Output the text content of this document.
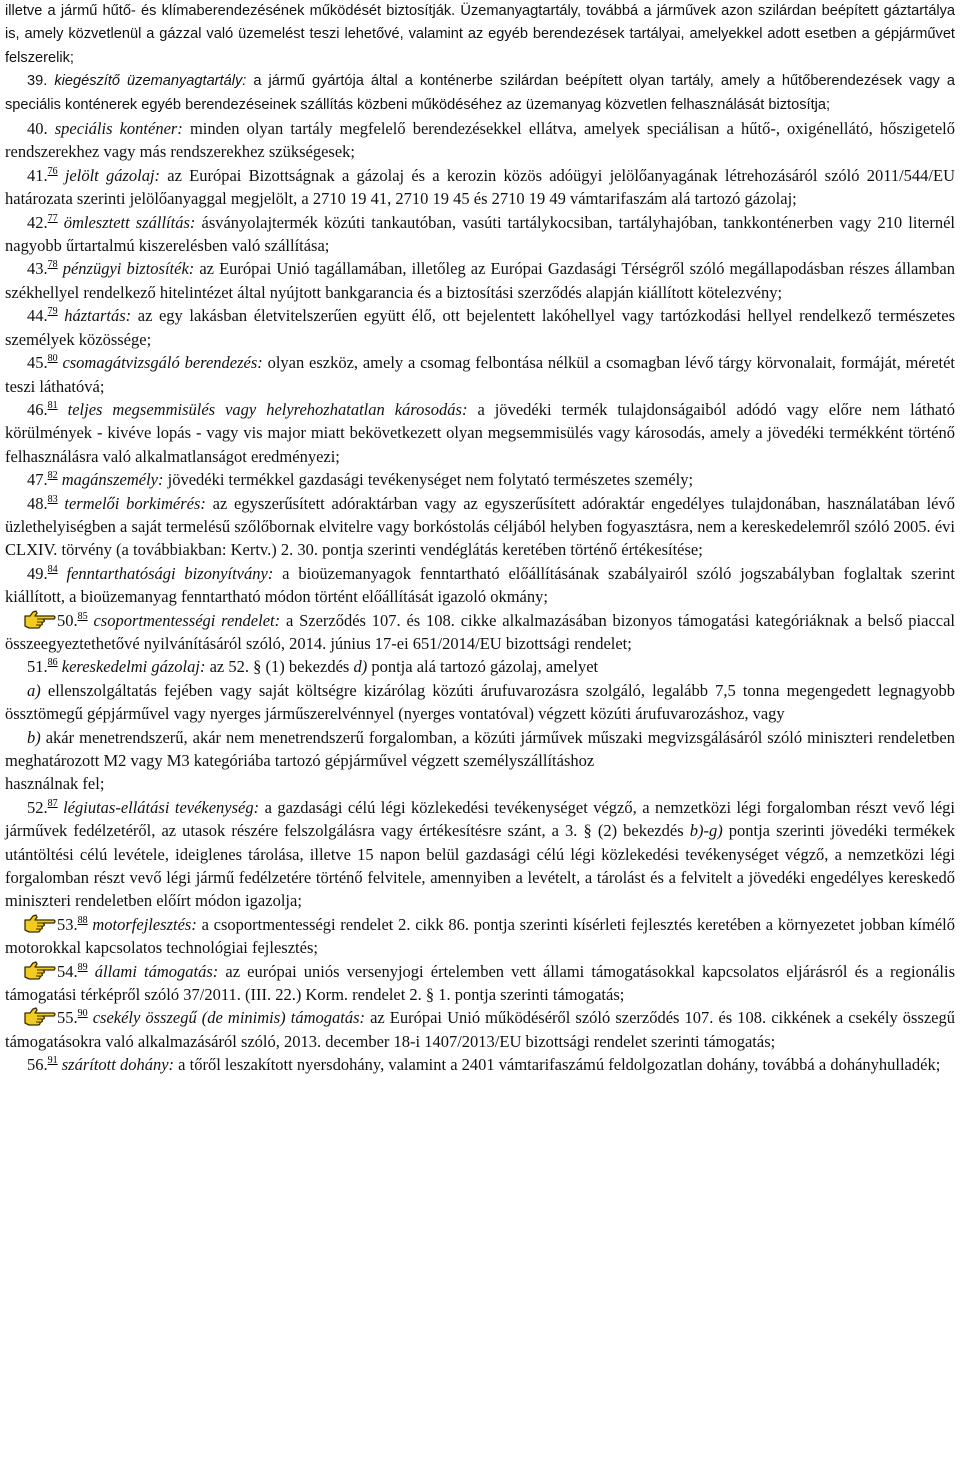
illetve a jármű hűtő- és klímaberendezésének működését biztosítják. Üzemanyagtartály, továbbá a járművek azon szilárdan beépített gáztartálya is, amely közvetlenül a gázzal való üzemelést teszi lehetővé, valamint az egyéb berendezések tartályai, amelyekkel adott esetben a gépjárművet felszerelik;

39. kiegészítő üzemanyagtartály: a jármű gyártója által a konténerbe szilárdan beépített olyan tartály, amely a hűtőberendezések vagy a speciális konténerek egyéb berendezéseinek szállítás közbeni működéséhez az üzemanyag közvetlen felhasználását biztosítja;

40. speciális konténer: minden olyan tartály megfelelő berendezésekkel ellátva, amelyek speciálisan a hűtő-, oxigénellátó, hőszigetelő rendszerekhez vagy más rendszerekhez szükségesek;

41.76 jelölt gázolaj: az Európai Bizottságnak a gázolaj és a kerozin közös adóügyi jelölőanyagának létrehozásáról szóló 2011/544/EU határozata szerinti jelölőanyaggal megjelölt, a 2710 19 41, 2710 19 45 és 2710 19 49 vámtarifaszám alá tartozó gázolaj;

42.77 ömlesztett szállítás: ásványolajtermék közúti tankautóban, vasúti tartálykocsiban, tartályhajóban, tankkonténerben vagy 210 liternél nagyobb űrtartalmú kiszerelésben való szállítása;

43.78 pénzügyi biztosíték: az Európai Unió tagállamában, illetőleg az Európai Gazdasági Térségről szóló megállapodásban részes államban székhellyel rendelkező hitelintézet által nyújtott bankgarancia és a biztosítási szerződés alapján kiállított kötelezvény;

44.79 háztartás: az egy lakásban életvitelszerűen együtt élő, ott bejelentett lakóhellyel vagy tartózkodási hellyel rendelkező természetes személyek közössége;

45.80 csomagátvizsgáló berendezés: olyan eszköz, amely a csomag felbontása nélkül a csomagban lévő tárgy körvonalait, formáját, méretét teszi láthatóvá;

46.81 teljes megsemmisülés vagy helyrehozhatatlan károsodás: a jövedéki termék tulajdonságaiból adódó vagy előre nem látható körülmények - kivéve lopás - vagy vis major miatt bekövetkezett olyan megsemmisülés vagy károsodás, amely a jövedéki termékként történő felhasználásra való alkalmatlanságot eredményezi;

47.82 magánszemély: jövedéki termékkel gazdasági tevékenységet nem folytató természetes személy;

48.83 termelői borkimérés: az egyszerűsített adóraktárban vagy az egyszerűsített adóraktár engedélyes tulajdonában, használatában lévő üzlethelyiségben a saját termelésű szőlőbornak elvitelre vagy borkóstolás céljából helyben fogyasztásra, nem a kereskedelemről szóló 2005. évi CLXIV. törvény (a továbbiakban: Kertv.) 2. 30. pontja szerinti vendéglátás keretében történő értékesítése;

49.84 fenntarthatósági bizonyítvány: a bioüzemanyagok fenntartható előállításának szabályairól szóló jogszabályban foglaltak szerint kiállított, a bioüzemanyag fenntartható módon történt előállítását igazoló okmány;

50.85 csoportmentességi rendelet: a Szerződés 107. és 108. cikke alkalmazásában bizonyos támogatási kategóriáknak a belső piaccal összeegyeztethetővé nyilvánításáról szóló, 2014. június 17-ei 651/2014/EU bizottsági rendelet;

51.86 kereskedelmi gázolaj: az 52. § (1) bekezdés d) pontja alá tartozó gázolaj, amelyet

a) ellenszolgáltatás fejében vagy saját költségre kizárólag közúti árufuvarozásra szolgáló, legalább 7,5 tonna megengedett legnagyobb össztömegű gépjárművel vagy nyerges járműszerelvénnyel (nyerges vontatóval) végzett közúti árufuvarozáshoz, vagy

b) akár menetrendszerű, akár nem menetrendszerű forgalomban, a közúti járművek műszaki megvizsgálásáról szóló miniszteri rendeletben meghatározott M2 vagy M3 kategóriába tartozó gépjárművel végzett személyszállításhoz

használnak fel;

52.87 légiutas-ellátási tevékenység: a gazdasági célú légi közlekedési tevékenységet végző, a nemzetközi légi forgalomban részt vevő légi járművek fedélzetéről, az utasok részére felszolgálásra vagy értékesítésre szánt, a 3. § (2) bekezdés b)-g) pontja szerinti jövedéki termékek utántöltési célú levétele, ideiglenes tárolása, illetve 15 napon belül gazdasági célú légi közlekedési tevékenységet végző, a nemzetközi légi forgalomban részt vevő légi jármű fedélzetére történő felvitele, amennyiben a levételt, a tárolást és a felvitelt a jövedéki engedélyes kereskedő miniszteri rendeletben előírt módon igazolja;

53.88 motorfejlesztés: a csoportmentességi rendelet 2. cikk 86. pontja szerinti kísérleti fejlesztés keretében a környezetet jobban kímélő motorokkal kapcsolatos technológiai fejlesztés;

54.89 állami támogatás: az európai uniós versenyjogi értelemben vett állami támogatásokkal kapcsolatos eljárásról és a regionális támogatási térképről szóló 37/2011. (III. 22.) Korm. rendelet 2. § 1. pontja szerinti támogatás;

55.90 csekély összegű (de minimis) támogatás: az Európai Unió működéséről szóló szerződés 107. és 108. cikkének a csekély összegű támogatásokra való alkalmazásáról szóló, 2013. december 18-i 1407/2013/EU bizottsági rendelet szerinti támogatás;

56.91 szárított dohány: a tőről leszakított nyersdohány, valamint a 2401 vámtarifaszámú feldolgozatlan dohány, továbbá a dohányhulladék;
